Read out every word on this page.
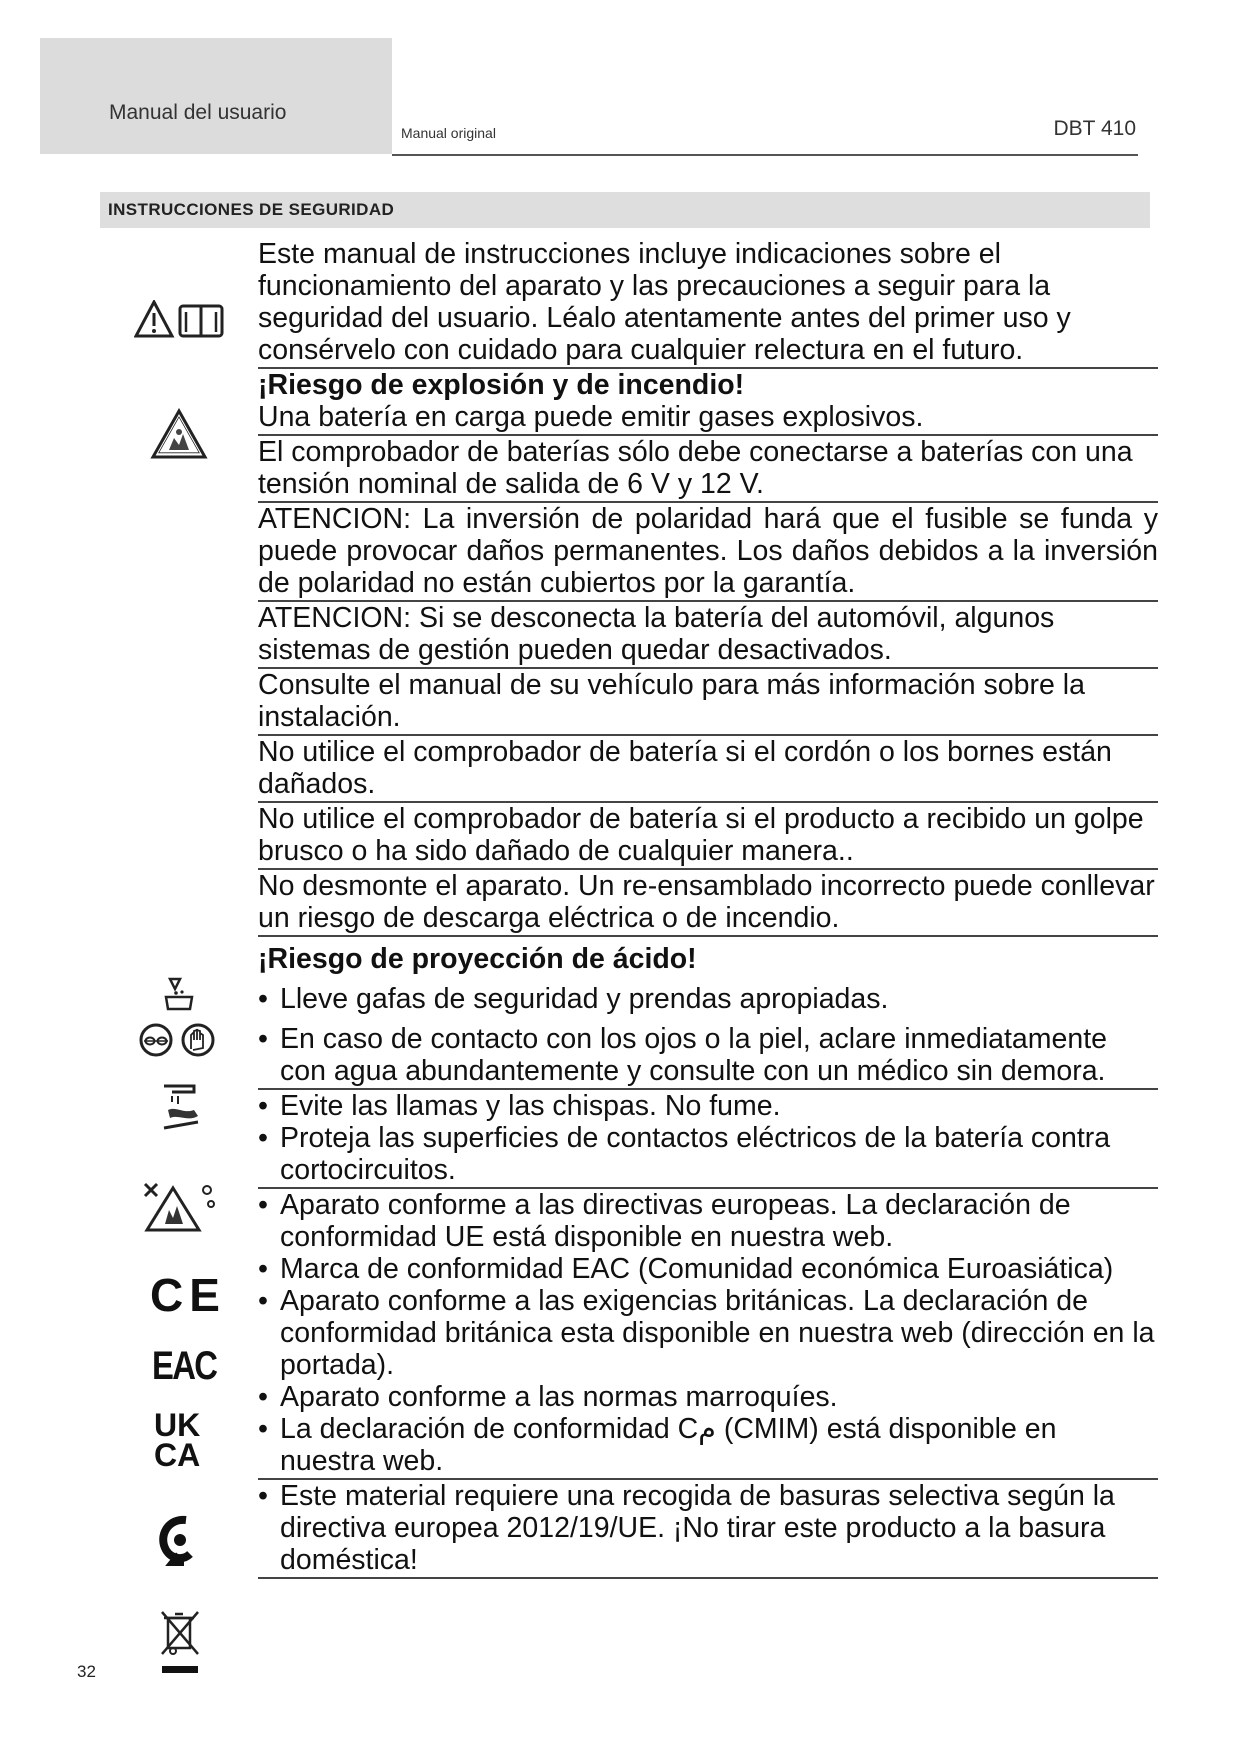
Manual del usuario
Manual original	DBT 410
INSTRUCCIONES DE SEGURIDAD
CE
EAC
UK
CA
Este manual de instrucciones incluye indicaciones sobre el funcionamiento del aparato y las precauciones a seguir para la seguridad del usuario. Léalo atentamente antes del primer uso y consérvelo con cuidado para cualquier relectura en el futuro.
¡Riesgo de explosión y de incendio!
Una batería en carga puede emitir gases explosivos.
El comprobador de baterías sólo debe conectarse a baterías con una tensión nominal de salida de 6 V y 12 V.
ATENCION: La inversión de polaridad hará que el fusible se funda y puede provocar daños permanentes. Los daños debidos a la inversión de polaridad no están cubiertos por la garantía.
ATENCION: Si se desconecta la batería del automóvil, algunos sistemas de gestión pueden quedar desactivados.
Consulte el manual de su vehículo para más información sobre la instalación.
No utilice el comprobador de batería si el cordón o los bornes están dañados.
No utilice el comprobador de batería si el producto a recibido un golpe brusco o ha sido dañado de cualquier manera..
No desmonte el aparato. Un re-ensamblado incorrecto puede conllevar un riesgo de descarga eléctrica o de incendio.
¡Riesgo de proyección de ácido!
• Lleve gafas de seguridad y prendas apropiadas.
• En caso de contacto con los ojos o la piel, aclare inmediatamente con agua abundantemente y consulte con un médico sin demora.
• Evite las llamas y las chispas. No fume.
• Proteja las superficies de contactos eléctricos de la batería contra cortocircuitos.
• Aparato conforme a las directivas europeas. La declaración de conformidad UE está disponible en nuestra web.
• Marca de conformidad EAC (Comunidad económica Euroasiática)
• Aparato conforme a las exigencias británicas. La declaración de conformidad británica esta disponible en nuestra web (dirección en la portada).
• Aparato conforme a las normas marroquíes.
• La declaración de conformidad Cم (CMIM) está disponible en nuestra web.
• Este material requiere una recogida de basuras selectiva según la directiva europea 2012/19/UE. ¡No tirar este producto a la basura doméstica!
32
